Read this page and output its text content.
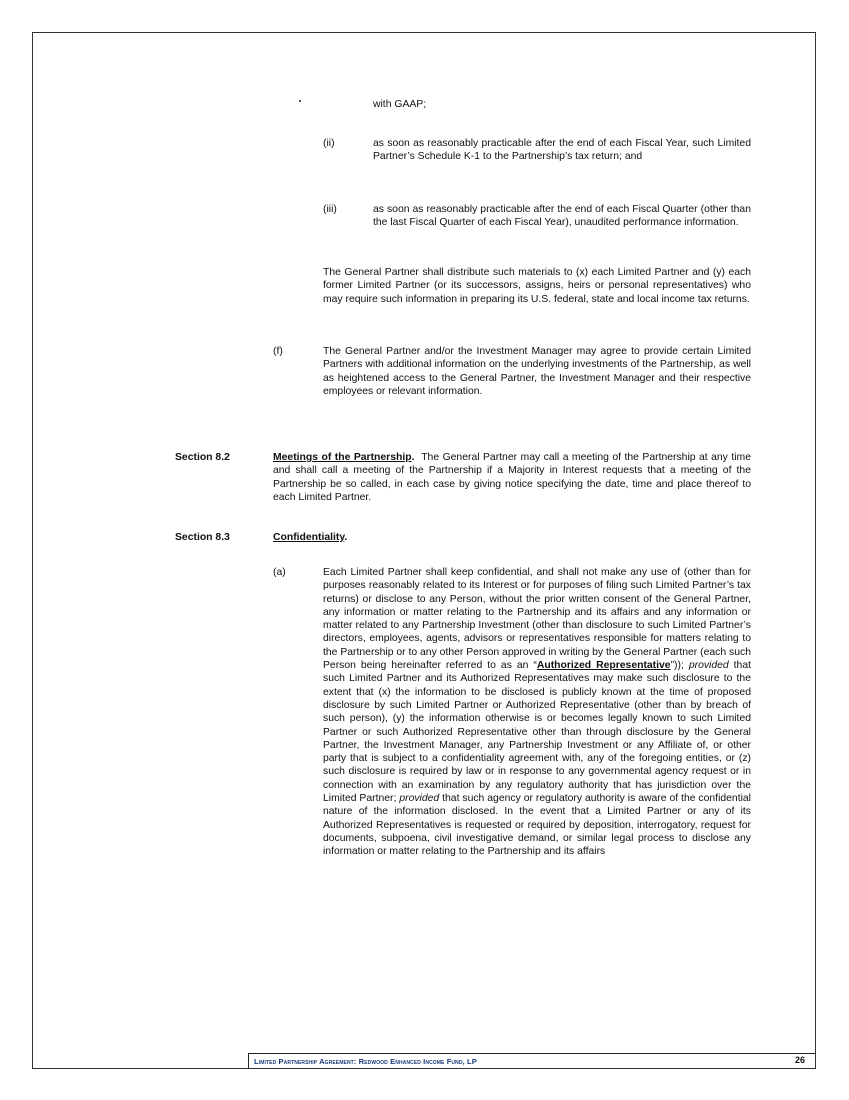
with GAAP;

(ii)	as soon as reasonably practicable after the end of each Fiscal Year, such Limited Partner’s Schedule K-1 to the Partnership’s tax return; and

(iii)	as soon as reasonably practicable after the end of each Fiscal Quarter (other than the last Fiscal Quarter of each Fiscal Year), unaudited performance information.

The General Partner shall distribute such materials to (x) each Limited Partner and (y) each former Limited Partner (or its successors, assigns, heirs or personal representatives) who may require such information in preparing its U.S. federal, state and local income tax returns.

(f)	The General Partner and/or the Investment Manager may agree to provide certain Limited Partners with additional information on the underlying investments of the Partnership, as well as heightened access to the General Partner, the Investment Manager and their respective employees or relevant information.

Section 8.2	Meetings of the Partnership. The General Partner may call a meeting of the Partnership at any time and shall call a meeting of the Partnership if a Majority in Interest requests that a meeting of the Partnership be so called, in each case by giving notice specifying the date, time and place thereof to each Limited Partner.

Section 8.3	Confidentiality.

(a)	Each Limited Partner shall keep confidential, and shall not make any use of (other than for purposes reasonably related to its Interest or for purposes of filing such Limited Partner’s tax returns) or disclose to any Person, without the prior written consent of the General Partner, any information or matter relating to the Partnership and its affairs and any information or matter related to any Partnership Investment (other than disclosure to such Limited Partner’s directors, employees, agents, advisors or representatives responsible for matters relating to the Partnership or to any other Person approved in writing by the General Partner (each such Person being hereinafter referred to as an “Authorized Representative”)); provided that such Limited Partner and its Authorized Representatives may make such disclosure to the extent that (x) the information to be disclosed is publicly known at the time of proposed disclosure by such Limited Partner or Authorized Representative (other than by breach of such person), (y) the information otherwise is or becomes legally known to such Limited Partner or such Authorized Representative other than through disclosure by the General Partner, the Investment Manager, any Partnership Investment or any Affiliate of, or other party that is subject to a confidentiality agreement with, any of the foregoing entities, or (z) such disclosure is required by law or in response to any governmental agency request or in connection with an examination by any regulatory authority that has jurisdiction over the Limited Partner; provided that such agency or regulatory authority is aware of the confidential nature of the information disclosed. In the event that a Limited Partner or any of its Authorized Representatives is requested or required by deposition, interrogatory, request for documents, subpoena, civil investigative demand, or similar legal process to disclose any information or matter relating to the Partnership and its affairs

Limited Partnership Agreement: Redwood Enhanced Income Fund, LP	26
